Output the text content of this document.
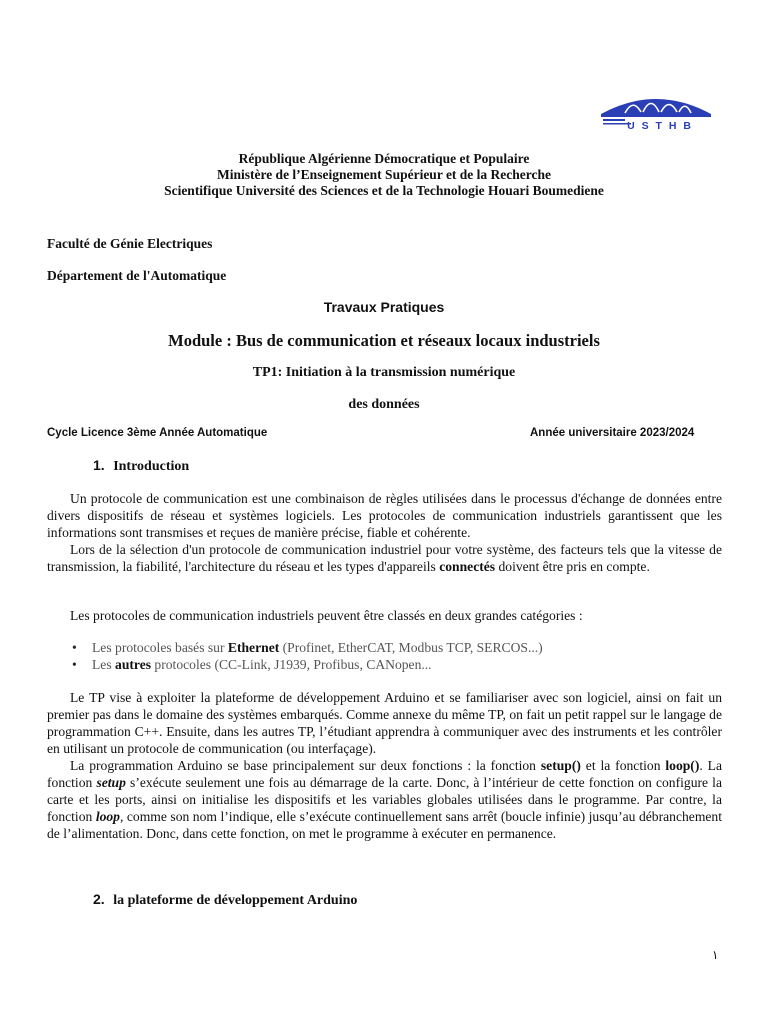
U S T H B
République Algérienne Démocratique et Populaire
Ministère de l’Enseignement Supérieur et de la Recherche
Scientifique Université des Sciences et de la Technologie Houari Boumediene
Faculté de Génie Electriques
Département de l'Automatique
Travaux Pratiques
Module : Bus de communication et réseaux locaux industriels
TP1: Initiation à la transmission numérique
des données
Cycle Licence 3ème Année Automatique	Année universitaire 2023/2024
1. Introduction

Un protocole de communication est une combinaison de règles utilisées dans le processus d'échange de données entre divers dispositifs de réseau et systèmes logiciels. Les protocoles de communication industriels garantissent que les informations sont transmises et reçues de manière précise, fiable et cohérente.

Lors de la sélection d'un protocole de communication industriel pour votre système, des facteurs tels que la vitesse de transmission, la fiabilité, l'architecture du réseau et les types d'appareils connectés doivent être pris en compte.

Les protocoles de communication industriels peuvent être classés en deux grandes catégories :

• Les protocoles basés sur Ethernet (Profinet, EtherCAT, Modbus TCP, SERCOS...)
• Les autres protocoles (CC-Link, J1939, Profibus, CANopen...

Le TP vise à exploiter la plateforme de développement Arduino et se familiariser avec son logiciel, ainsi on fait un premier pas dans le domaine des systèmes embarqués. Comme annexe du même TP, on fait un petit rappel sur le langage de programmation C++. Ensuite, dans les autres TP, l’étudiant apprendra à communiquer avec des instruments et les contrôler en utilisant un protocole de communication (ou interfaçage).

La programmation Arduino se base principalement sur deux fonctions : la fonction setup() et la fonction loop(). La fonction setup s’exécute seulement une fois au démarrage de la carte. Donc, à l’intérieur de cette fonction on configure la carte et les ports, ainsi on initialise les dispositifs et les variables globales utilisées dans le programme. Par contre, la fonction loop, comme son nom l’indique, elle s’exécute continuellement sans arrêt (boucle infinie) jusqu’au débranchement de l’alimentation. Donc, dans cette fonction, on met le programme à exécuter en permanence.

2. la plateforme de développement Arduino
١
